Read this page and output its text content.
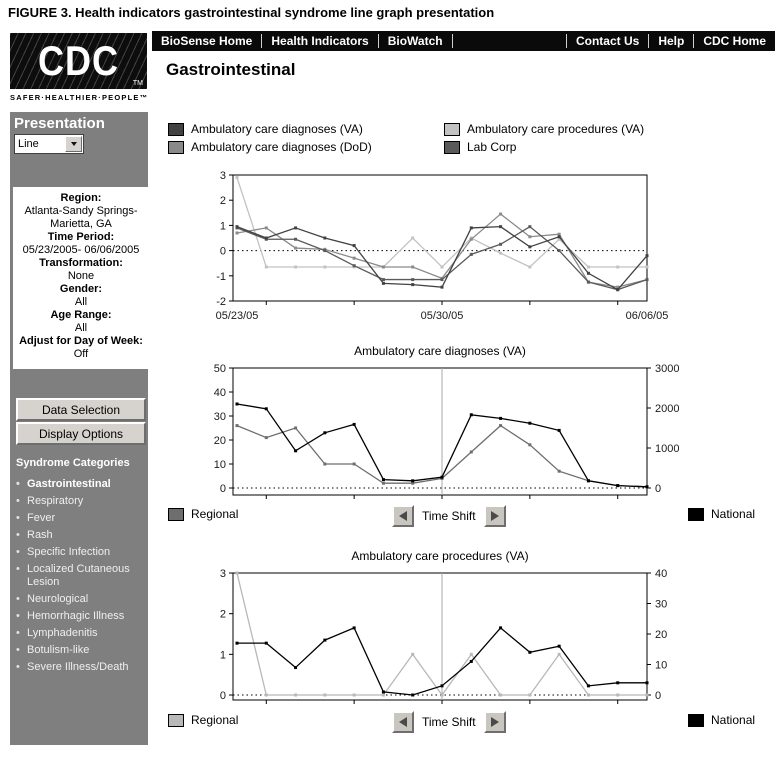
FIGURE 3. Health indicators gastrointestinal syndrome line graph presentation
BioSense Home	Health Indicators	BioWatch	Contact Us	Help	CDC Home
CDC TM
SAFER·HEALTHIER·PEOPLE™
Gastrointestinal
Presentation
Line
Region:
Atlanta-Sandy Springs-Marietta, GA
Time Period:
05/23/2005- 06/06/2005
Transformation:
None
Gender:
All
Age Range:
All
Adjust for Day of Week:
Off
Data Selection
Display Options
Syndrome Categories
• Gastrointestinal
• Respiratory
• Fever
• Rash
• Specific Infection
• Localized Cutaneous Lesion
• Neurological
• Hemorrhagic Illness
• Lymphadenitis
• Botulism-like
• Severe Illness/Death
Ambulatory care diagnoses (VA)	Ambulatory care procedures (VA)
Ambulatory care diagnoses (DoD)	Lab Corp
3
2
1
0
-1
-2
05/23/05	05/30/05	06/06/05
Ambulatory care diagnoses (VA)
0
10
20
30
40
50
0
1000
2000
3000
Regional	Time Shift	National
Ambulatory care procedures (VA)
0
1
2
3
0
10
20
30
40
Regional	Time Shift	National
